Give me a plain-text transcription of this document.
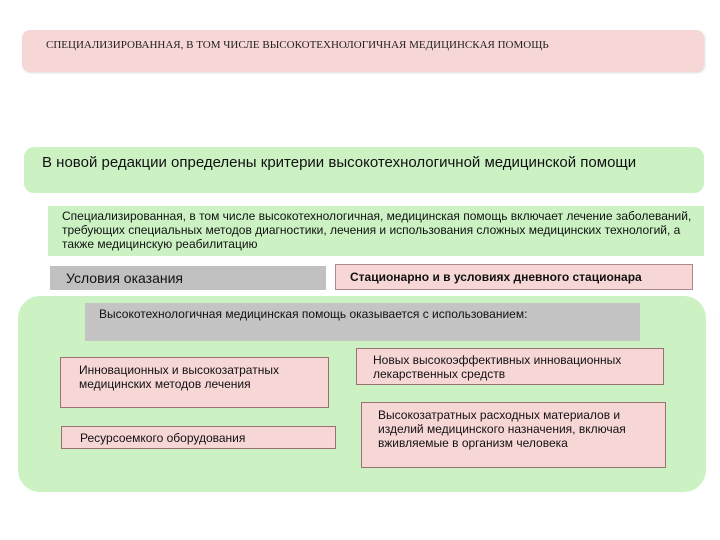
СПЕЦИАЛИЗИРОВАННАЯ, В ТОМ ЧИСЛЕ ВЫСОКОТЕХНОЛОГИЧНАЯ МЕДИЦИНСКАЯ ПОМОЩЬ
В новой редакции определены критерии высокотехнологичной медицинской помощи
Специализированная, в том числе высокотехнологичная, медицинская помощь включает лечение заболеваний, требующих специальных методов диагностики, лечения и использования сложных медицинских технологий, а также медицинскую реабилитацию
Условия оказания	Стационарно и в условиях дневного стационара
Высокотехнологичная медицинская помощь оказывается с использованием:
Инновационных и высокозатратных медицинских методов лечения
Новых высокоэффективных инновационных лекарственных средств
Ресурсоемкого оборудования
Высокозатратных расходных материалов и изделий медицинского назначения, включая вживляемые в организм человека
